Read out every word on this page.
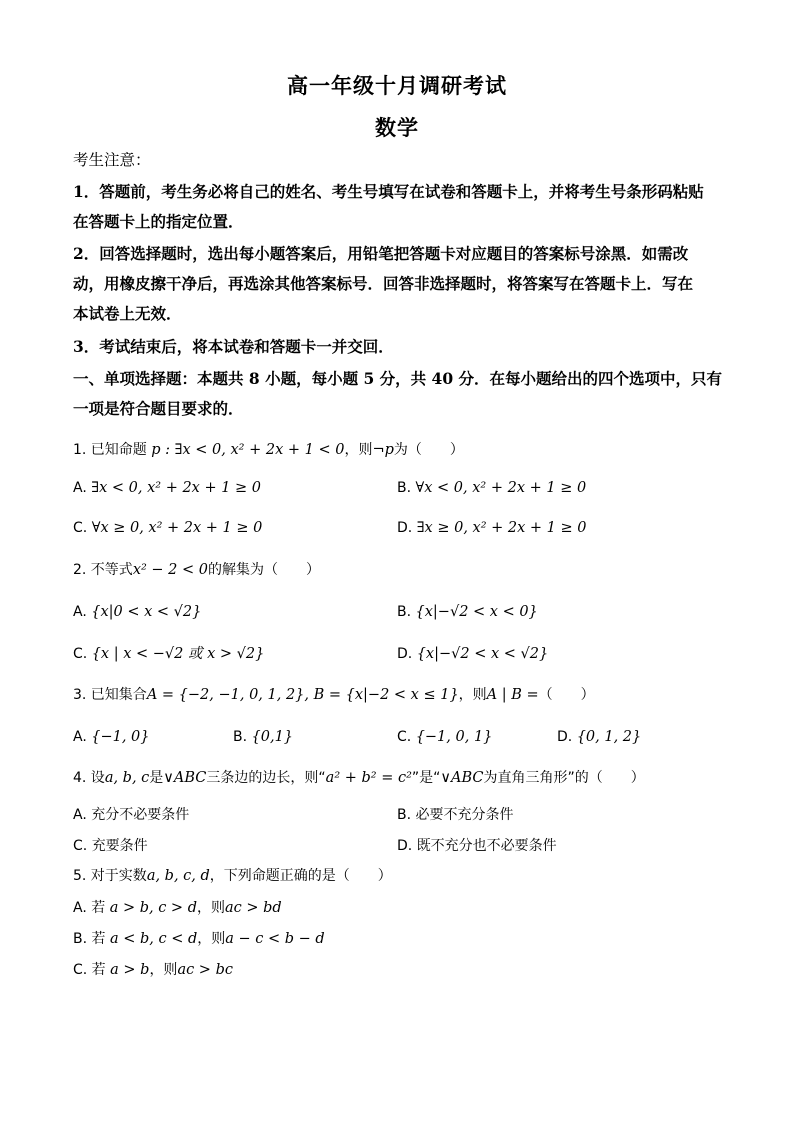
高一年级十月调研考试
数学
考生注意：
1．答题前，考生务必将自己的姓名、考生号填写在试卷和答题卡上，并将考生号条形码粘贴
在答题卡上的指定位置．
2．回答选择题时，选出每小题答案后，用铅笔把答题卡对应题目的答案标号涂黑．如需改
动，用橡皮擦干净后，再选涂其他答案标号．回答非选择题时，将答案写在答题卡上．写在
本试卷上无效．
3．考试结束后，将本试卷和答题卡一并交回．
一、单项选择题：本题共 8 小题，每小题 5 分，共 40 分．在每小题给出的四个选项中，只有
一项是符合题目要求的．
1. 已知命题 p : ∃x < 0, x² + 2x + 1 < 0，则¬p为（　　）
A. ∃x < 0, x² + 2x + 1 ≥ 0	B. ∀x < 0, x² + 2x + 1 ≥ 0
C. ∀x ≥ 0, x² + 2x + 1 ≥ 0	D. ∃x ≥ 0, x² + 2x + 1 ≥ 0
2. 不等式x² − 2 < 0的解集为（　　）
A. {x|0 < x < √2}	B. {x|−√2 < x < 0}
C. {x | x < −√2 或 x > √2}	D. {x|−√2 < x < √2}
3. 已知集合A = {−2, −1, 0, 1, 2}, B = {x|−2 < x ≤ 1}，则A | B =（　　）
A. {−1, 0}	B. {0,1}	C. {−1, 0, 1}	D. {0, 1, 2}
4. 设a, b, c是∨ABC三条边的边长，则“a² + b² = c²”是“∨ABC为直角三角形”的（　　）
A. 充分不必要条件	B. 必要不充分条件
C. 充要条件	D. 既不充分也不必要条件
5. 对于实数a, b, c, d，下列命题正确的是（　　）
A. 若 a > b, c > d，则ac > bd
B. 若 a < b, c < d，则a − c < b − d
C. 若 a > b，则ac > bc
